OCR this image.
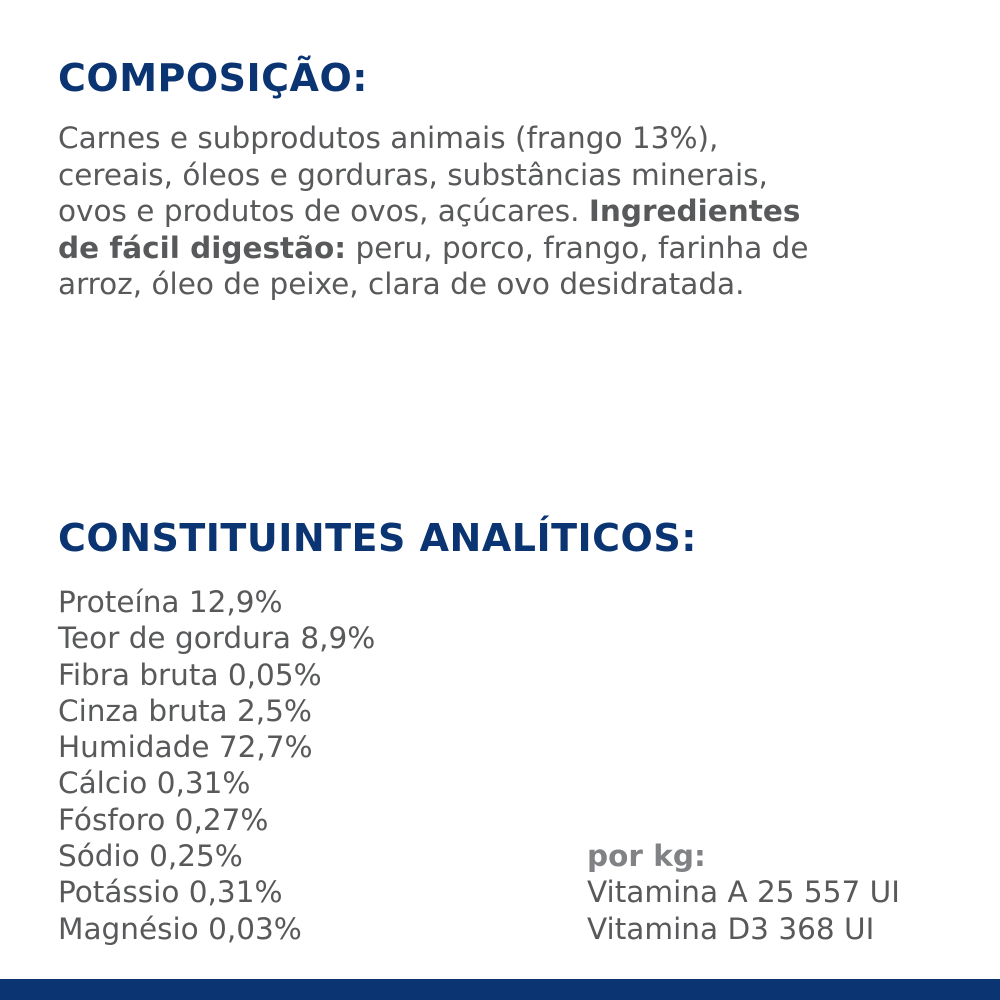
COMPOSIÇÃO:

Carnes e subprodutos animais (frango 13%),
cereais, óleos e gorduras, substâncias minerais,
ovos e produtos de ovos, açúcares. Ingredientes
de fácil digestão: peru, porco, frango, farinha de
arroz, óleo de peixe, clara de ovo desidratada.

CONSTITUINTES ANALÍTICOS:
Proteína 12,9%
Teor de gordura 8,9%
Fibra bruta 0,05%
Cinza bruta 2,5%
Humidade 72,7%
Cálcio 0,31%
Fósforo 0,27%
Sódio 0,25%
Potássio 0,31%
Magnésio 0,03%
por kg:
Vitamina A 25 557 UI
Vitamina D3 368 UI
